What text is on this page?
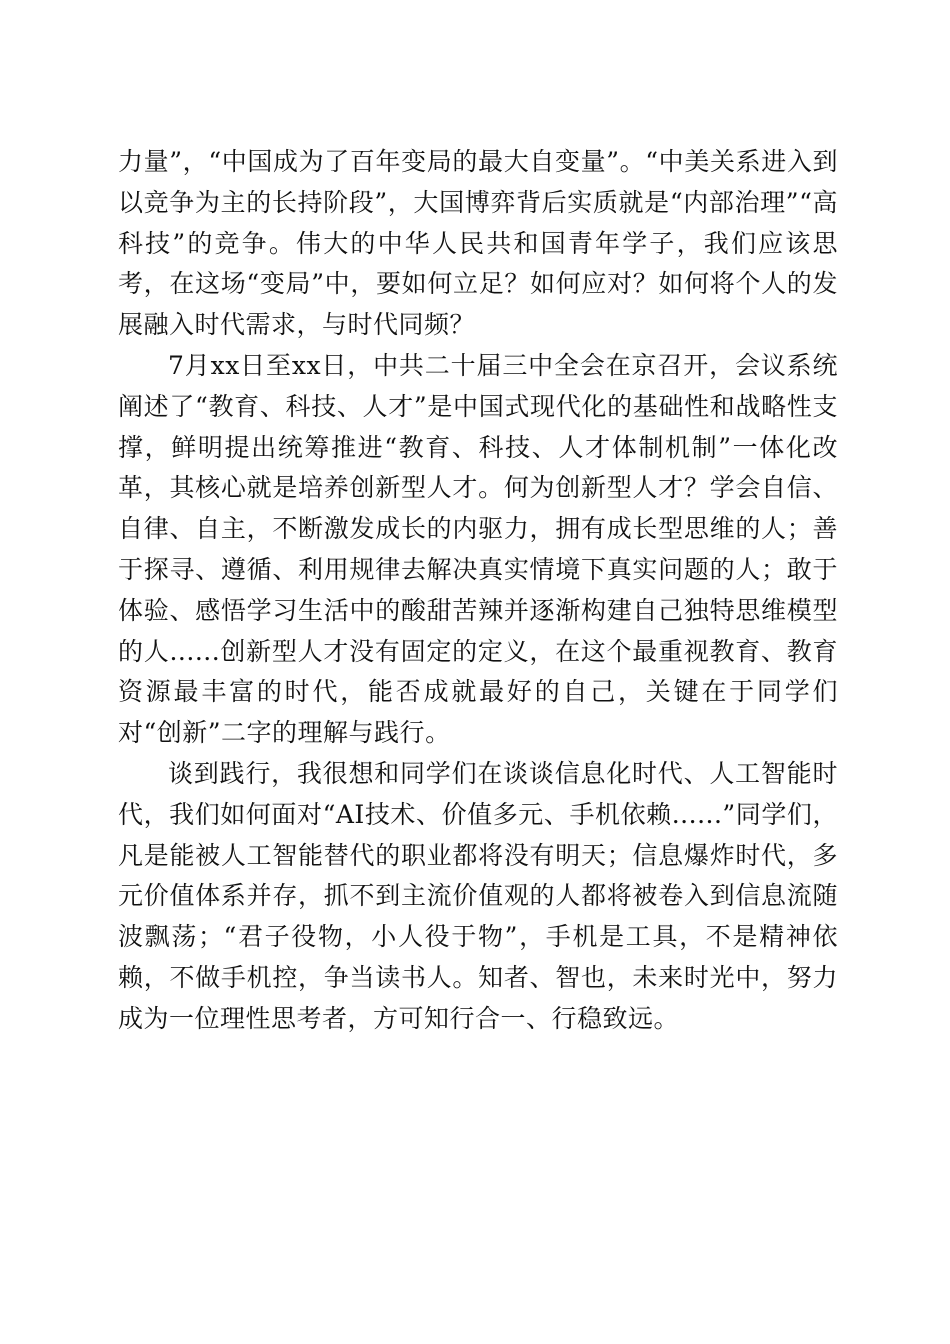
力量”，“中国成为了百年变局的最大自变量”。“中美关系进入到以竞争为主的长持阶段”，大国博弈背后实质就是“内部治理”“高科技”的竞争。伟大的中华人民共和国青年学子，我们应该思考，在这场“变局”中，要如何立足？如何应对？如何将个人的发展融入时代需求，与时代同频？

7月xx日至xx日，中共二十届三中全会在京召开，会议系统阐述了“教育、科技、人才”是中国式现代化的基础性和战略性支撑，鲜明提出统筹推进“教育、科技、人才体制机制”一体化改革，其核心就是培养创新型人才。何为创新型人才？学会自信、自律、自主，不断激发成长的内驱力，拥有成长型思维的人；善于探寻、遵循、利用规律去解决真实情境下真实问题的人；敢于体验、感悟学习生活中的酸甜苦辣并逐渐构建自己独特思维模型的人......创新型人才没有固定的定义，在这个最重视教育、教育资源最丰富的时代，能否成就最好的自己，关键在于同学们对“创新”二字的理解与践行。

谈到践行，我很想和同学们在谈谈信息化时代、人工智能时代，我们如何面对“AI技术、价值多元、手机依赖......”同学们，凡是能被人工智能替代的职业都将没有明天；信息爆炸时代，多元价值体系并存，抓不到主流价值观的人都将被卷入到信息流随波飘荡；“君子役物，小人役于物”，手机是工具，不是精神依赖，不做手机控，争当读书人。知者、智也，未来时光中，努力成为一位理性思考者，方可知行合一、行稳致远。
